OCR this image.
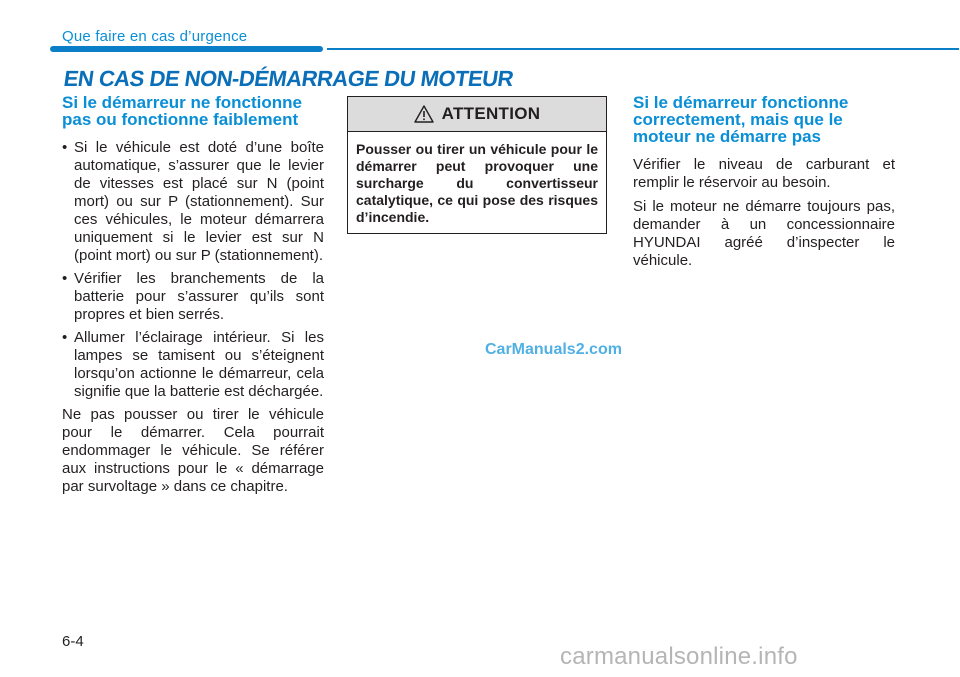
Que faire en cas d’urgence
EN CAS DE NON-DÉMARRAGE DU MOTEUR
Si le démarreur ne fonctionne pas ou fonctionne faiblement
• Si le véhicule est doté d’une boîte automatique, s’assurer que le levier de vitesses est placé sur N (point mort) ou sur P (stationnement). Sur ces véhicules, le moteur démarrera uniquement si le levier est sur N (point mort) ou sur P (stationnement).
• Vérifier les branchements de la batterie pour s’assurer qu’ils sont propres et bien serrés.
• Allumer l’éclairage intérieur. Si les lampes se tamisent ou s’éteignent lorsqu’on actionne le démarreur, cela signifie que la batterie est déchargée.

Ne pas pousser ou tirer le véhicule pour le démarrer. Cela pourrait endommager le véhicule. Se référer aux instructions pour le « démarrage par survoltage » dans ce chapitre.

ATTENTION
Pousser ou tirer un véhicule pour le démarrer peut provoquer une surcharge du convertisseur catalytique, ce qui pose des risques d’incendie.
Si le démarreur fonctionne correctement, mais que le moteur ne démarre pas

Vérifier le niveau de carburant et remplir le réservoir au besoin.

Si le moteur ne démarre toujours pas, demander à un concessionnaire HYUNDAI agréé d’inspecter le véhicule.

CarManuals2.com
6-4
carmanualsonline.info
